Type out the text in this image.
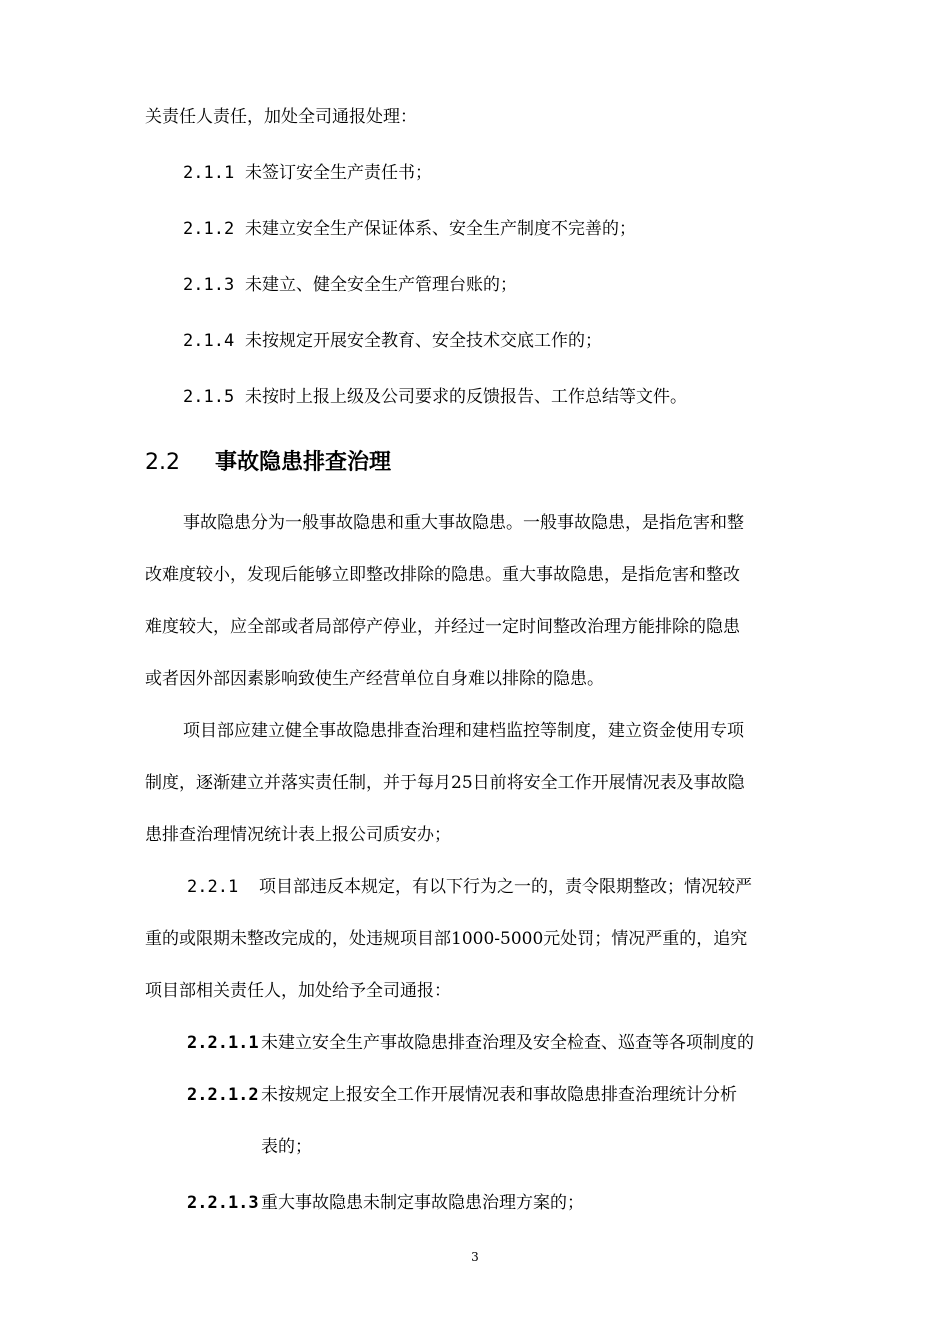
关责任人责任，加处全司通报处理：
2.1.1 未签订安全生产责任书；
2.1.2 未建立安全生产保证体系、安全生产制度不完善的；
2.1.3 未建立、健全安全生产管理台账的；
2.1.4 未按规定开展安全教育、安全技术交底工作的；
2.1.5 未按时上报上级及公司要求的反馈报告、工作总结等文件。
2.2 事故隐患排查治理
事故隐患分为一般事故隐患和重大事故隐患。一般事故隐患，是指危害和整
改难度较小，发现后能够立即整改排除的隐患。重大事故隐患，是指危害和整改
难度较大，应全部或者局部停产停业，并经过一定时间整改治理方能排除的隐患
或者因外部因素影响致使生产经营单位自身难以排除的隐患。
项目部应建立健全事故隐患排查治理和建档监控等制度，建立资金使用专项
制度，逐渐建立并落实责任制，并于每月25日前将安全工作开展情况表及事故隐
患排查治理情况统计表上报公司质安办；
2.2.1 项目部违反本规定，有以下行为之一的，责令限期整改；情况较严
重的或限期未整改完成的，处违规项目部1000-5000元处罚；情况严重的，追究
项目部相关责任人，加处给予全司通报：
2.2.1.1 未建立安全生产事故隐患排查治理及安全检查、巡查等各项制度的
2.2.1.2 未按规定上报安全工作开展情况表和事故隐患排查治理统计分析
表的；
2.2.1.3 重大事故隐患未制定事故隐患治理方案的；
3
